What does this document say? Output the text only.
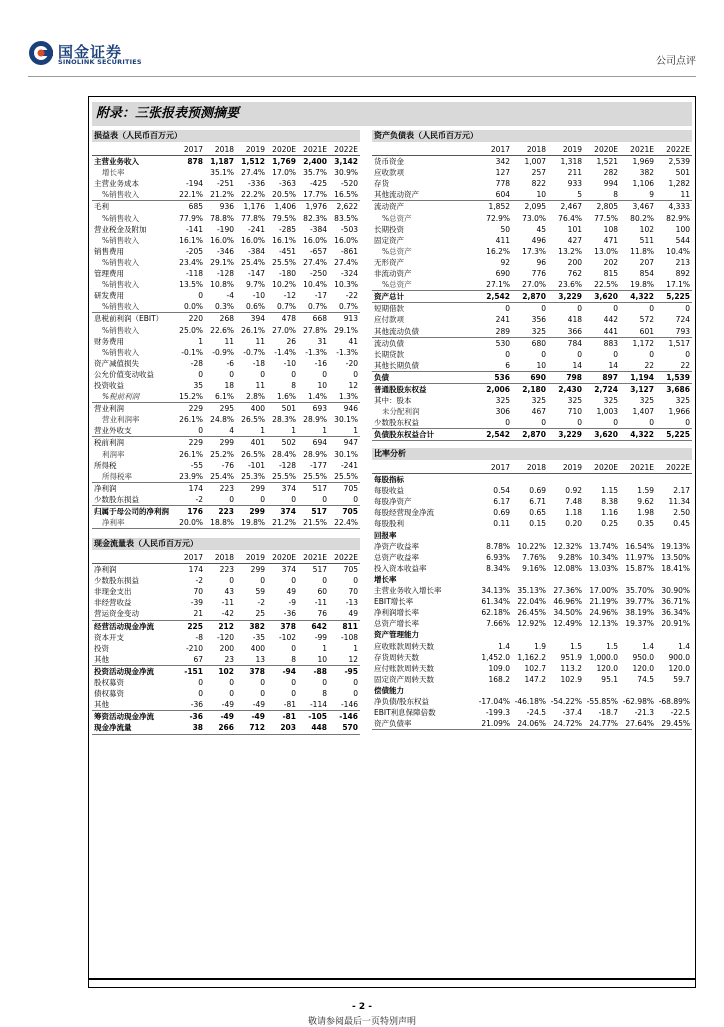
国金证券
SINOLINK SECURITIES	公司点评
附录：三张报表预测摘要
损益表（人民币百万元）
	2017	2018	2019	2020E	2021E	2022E
主营业务收入	878	1,187	1,512	1,769	2,400	3,142
增长率		35.1%	27.4%	17.0%	35.7%	30.9%
主营业务成本	-194	-251	-336	-363	-425	-520
%销售收入	22.1%	21.2%	22.2%	20.5%	17.7%	16.5%
毛利	685	936	1,176	1,406	1,976	2,622
%销售收入	77.9%	78.8%	77.8%	79.5%	82.3%	83.5%
营业税金及附加	-141	-190	-241	-285	-384	-503
%销售收入	16.1%	16.0%	16.0%	16.1%	16.0%	16.0%
销售费用	-205	-346	-384	-451	-657	-861
%销售收入	23.4%	29.1%	25.4%	25.5%	27.4%	27.4%
管理费用	-118	-128	-147	-180	-250	-324
%销售收入	13.5%	10.8%	9.7%	10.2%	10.4%	10.3%
研发费用	0	-4	-10	-12	-17	-22
%销售收入	0.0%	0.3%	0.6%	0.7%	0.7%	0.7%
息税前利润（EBIT）	220	268	394	478	668	913
%销售收入	25.0%	22.6%	26.1%	27.0%	27.8%	29.1%
财务费用	1	11	11	26	31	41
%销售收入	-0.1%	-0.9%	-0.7%	-1.4%	-1.3%	-1.3%
资产减值损失	-28	-6	-18	-10	-16	-20
公允价值变动收益	0	0	0	0	0	0
投资收益	35	18	11	8	10	12
%税前利润	15.2%	6.1%	2.8%	1.6%	1.4%	1.3%
营业利润	229	295	400	501	693	946
营业利润率	26.1%	24.8%	26.5%	28.3%	28.9%	30.1%
营业外收支	0	4	1	1	1	1
税前利润	229	299	401	502	694	947
利润率	26.1%	25.2%	26.5%	28.4%	28.9%	30.1%
所得税	-55	-76	-101	-128	-177	-241
所得税率	23.9%	25.4%	25.3%	25.5%	25.5%	25.5%
净利润	174	223	299	374	517	705
少数股东损益	-2	0	0	0	0	0
归属于母公司的净利润	176	223	299	374	517	705
净利率	20.0%	18.8%	19.8%	21.2%	21.5%	22.4%
现金流量表（人民币百万元）
	2017	2018	2019	2020E	2021E	2022E
净利润	174	223	299	374	517	705
少数股东损益	-2	0	0	0	0	0
非现金支出	70	43	59	49	60	70
非经营收益	-39	-11	-2	-9	-11	-13
营运资金变动	21	-42	25	-36	76	49
经营活动现金净流	225	212	382	378	642	811
资本开支	-8	-120	-35	-102	-99	-108
投资	-210	200	400	0	1	1
其他	67	23	13	8	10	12
投资活动现金净流	-151	102	378	-94	-88	-95
股权募资	0	0	0	0	0	0
债权募资	0	0	0	0	8	0
其他	-36	-49	-49	-81	-114	-146
筹资活动现金净流	-36	-49	-49	-81	-105	-146
现金净流量	38	266	712	203	448	570
资产负债表（人民币百万元）
	2017	2018	2019	2020E	2021E	2022E
货币资金	342	1,007	1,318	1,521	1,969	2,539
应收款项	127	257	211	282	382	501
存货	778	822	933	994	1,106	1,282
其他流动资产	604	10	5	8	9	11
流动资产	1,852	2,095	2,467	2,805	3,467	4,333
%总资产	72.9%	73.0%	76.4%	77.5%	80.2%	82.9%
长期投资	50	45	101	108	102	100
固定资产	411	496	427	471	511	544
%总资产	16.2%	17.3%	13.2%	13.0%	11.8%	10.4%
无形资产	92	96	200	202	207	213
非流动资产	690	776	762	815	854	892
%总资产	27.1%	27.0%	23.6%	22.5%	19.8%	17.1%
资产总计	2,542	2,870	3,229	3,620	4,322	5,225
短期借款	0	0	0	0	0	0
应付款项	241	356	418	442	572	724
其他流动负债	289	325	366	441	601	793
流动负债	530	680	784	883	1,172	1,517
长期贷款	0	0	0	0	0	0
其他长期负债	6	10	14	14	22	22
负债	536	690	798	897	1,194	1,539
普通股股东权益	2,006	2,180	2,430	2,724	3,127	3,686
其中：股本	325	325	325	325	325	325
未分配利润	306	467	710	1,003	1,407	1,966
少数股东权益	0	0	0	0	0	0
负债股东权益合计	2,542	2,870	3,229	3,620	4,322	5,225
比率分析
	2017	2018	2019	2020E	2021E	2022E
每股指标						
每股收益	0.54	0.69	0.92	1.15	1.59	2.17
每股净资产	6.17	6.71	7.48	8.38	9.62	11.34
每股经营现金净流	0.69	0.65	1.18	1.16	1.98	2.50
每股股利	0.11	0.15	0.20	0.25	0.35	0.45
回报率						
净资产收益率	8.78%	10.22%	12.32%	13.74%	16.54%	19.13%
总资产收益率	6.93%	7.76%	9.28%	10.34%	11.97%	13.50%
投入资本收益率	8.34%	9.16%	12.08%	13.03%	15.87%	18.41%
增长率						
主营业务收入增长率	34.13%	35.13%	27.36%	17.00%	35.70%	30.90%
EBIT增长率	61.34%	22.04%	46.96%	21.19%	39.77%	36.71%
净利润增长率	62.18%	26.45%	34.50%	24.96%	38.19%	36.34%
总资产增长率	7.66%	12.92%	12.49%	12.13%	19.37%	20.91%
资产管理能力						
应收账款周转天数	1.4	1.9	1.5	1.5	1.4	1.4
存货周转天数	1,452.0	1,162.2	951.9	1,000.0	950.0	900.0
应付账款周转天数	109.0	102.7	113.2	120.0	120.0	120.0
固定资产周转天数	168.2	147.2	102.9	95.1	74.5	59.7
偿债能力						
净负债/股东权益	-17.04%	-46.18%	-54.22%	-55.85%	-62.98%	-68.89%
EBIT利息保障倍数	-199.3	-24.5	-37.4	-18.7	-21.3	-22.5
资产负债率	21.09%	24.06%	24.72%	24.77%	27.64%	29.45%
- 2 -
敬请参阅最后一页特别声明
